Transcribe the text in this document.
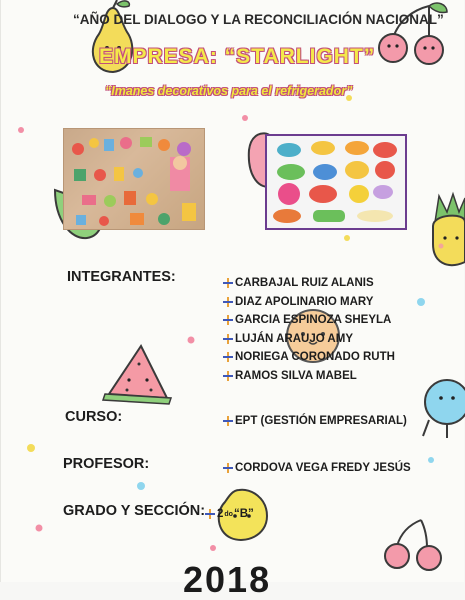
“AÑO DEL DIALOGO Y LA RECONCILIACIÓN NACIONAL”
EMPRESA: “STARLIGHT”
“Imanes decorativos para el refrigerador”
INTEGRANTES:	CARBAJAL RUIZ ALANIS
DIAZ APOLINARIO MARY
GARCIA ESPINOZA SHEYLA
LUJÁN ARAUJO AMY
NORIEGA CORONADO RUTH
RAMOS SILVA MABEL
CURSO:	EPT (GESTIÓN EMPRESARIAL)
PROFESOR:	CORDOVA VEGA FREDY JESÚS
GRADO Y SECCIÓN: 2 do “B”
2018
